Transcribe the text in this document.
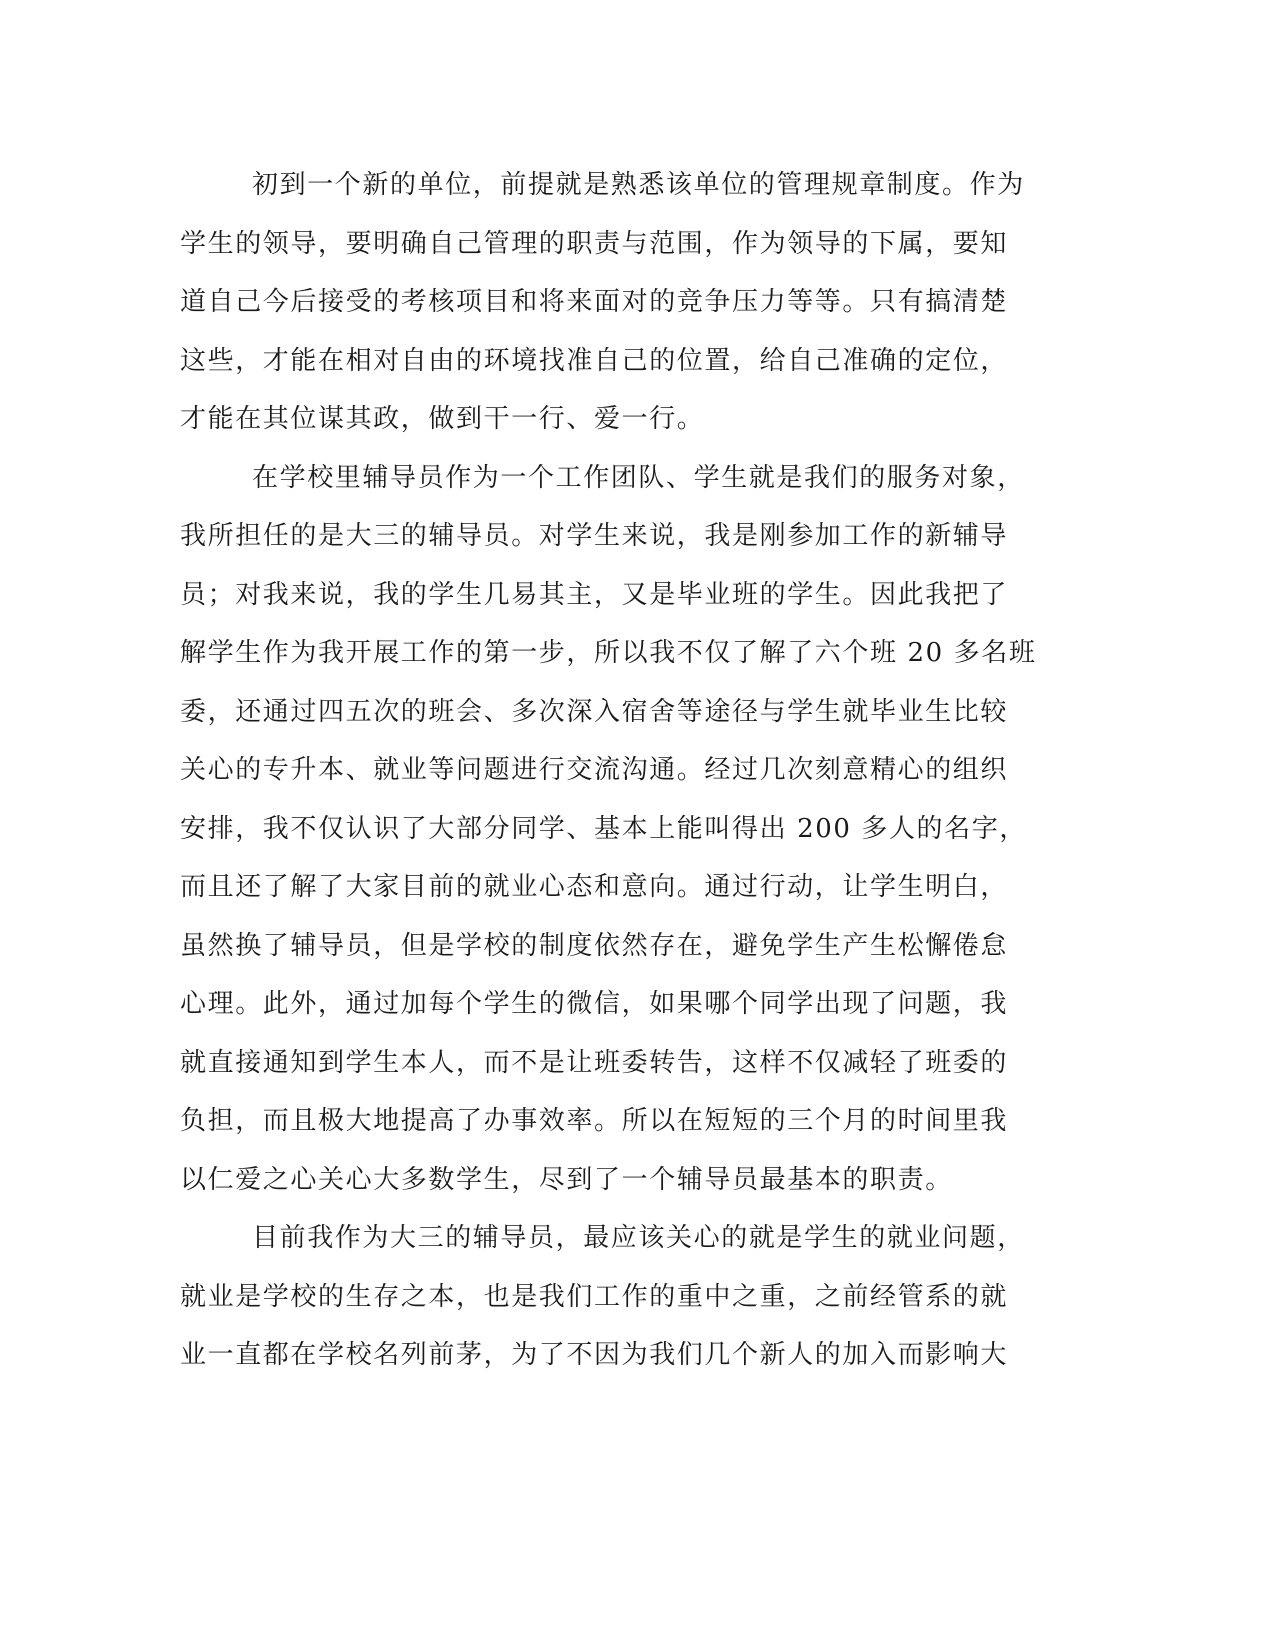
初到一个新的单位，前提就是熟悉该单位的管理规章制度。作为
学生的领导，要明确自己管理的职责与范围，作为领导的下属，要知
道自己今后接受的考核项目和将来面对的竞争压力等等。只有搞清楚
这些，才能在相对自由的环境找准自己的位置，给自己准确的定位，
才能在其位谋其政，做到干一行、爱一行。
在学校里辅导员作为一个工作团队、学生就是我们的服务对象，
我所担任的是大三的辅导员。对学生来说，我是刚参加工作的新辅导
员；对我来说，我的学生几易其主，又是毕业班的学生。因此我把了
解学生作为我开展工作的第一步，所以我不仅了解了六个班 20 多名班
委，还通过四五次的班会、多次深入宿舍等途径与学生就毕业生比较
关心的专升本、就业等问题进行交流沟通。经过几次刻意精心的组织
安排，我不仅认识了大部分同学、基本上能叫得出 200 多人的名字，
而且还了解了大家目前的就业心态和意向。通过行动，让学生明白，
虽然换了辅导员，但是学校的制度依然存在，避免学生产生松懈倦怠
心理。此外，通过加每个学生的微信，如果哪个同学出现了问题，我
就直接通知到学生本人，而不是让班委转告，这样不仅减轻了班委的
负担，而且极大地提高了办事效率。所以在短短的三个月的时间里我
以仁爱之心关心大多数学生，尽到了一个辅导员最基本的职责。
目前我作为大三的辅导员，最应该关心的就是学生的就业问题，
就业是学校的生存之本，也是我们工作的重中之重，之前经管系的就
业一直都在学校名列前茅，为了不因为我们几个新人的加入而影响大
